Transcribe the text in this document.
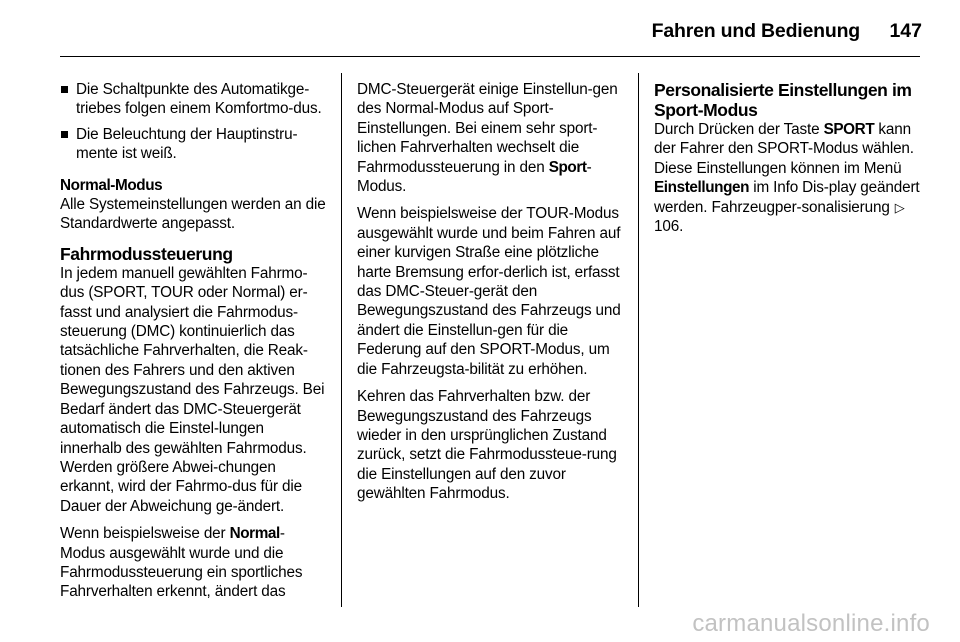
Fahren und Bedienung	147
Die Schaltpunkte des Automatikge-triebes folgen einem Komfortmo-dus.
Die Beleuchtung der Hauptinstru-mente ist weiß.
Normal-Modus

Alle Systemeinstellungen werden an die Standardwerte angepasst.

Fahrmodussteuerung

In jedem manuell gewählten Fahrmo-dus (SPORT, TOUR oder Normal) er-fasst und analysiert die Fahrmodus-steuerung (DMC) kontinuierlich das tatsächliche Fahrverhalten, die Reak-tionen des Fahrers und den aktiven Bewegungszustand des Fahrzeugs. Bei Bedarf ändert das DMC-Steuergerät automatisch die Einstel-lungen innerhalb des gewählten Fahrmodus. Werden größere Abwei-chungen erkannt, wird der Fahrmo-dus für die Dauer der Abweichung ge-ändert.

Wenn beispielsweise der Normal-Modus ausgewählt wurde und die Fahrmodussteuerung ein sportliches Fahrverhalten erkennt, ändert das

DMC-Steuergerät einige Einstellun-gen des Normal-Modus auf Sport-Einstellungen. Bei einem sehr sport-lichen Fahrverhalten wechselt die Fahrmodussteuerung in den Sport-Modus.

Wenn beispielsweise der TOUR-Modus ausgewählt wurde und beim Fahren auf einer kurvigen Straße eine plötzliche harte Bremsung erfor-derlich ist, erfasst das DMC-Steuer-gerät den Bewegungszustand des Fahrzeugs und ändert die Einstellun-gen für die Federung auf den SPORT-Modus, um die Fahrzeugsta-bilität zu erhöhen.

Kehren das Fahrverhalten bzw. der Bewegungszustand des Fahrzeugs wieder in den ursprünglichen Zustand zurück, setzt die Fahrmodussteue-rung die Einstellungen auf den zuvor gewählten Fahrmodus.

Personalisierte Einstellungen im Sport-Modus

Durch Drücken der Taste SPORT kann der Fahrer den SPORT-Modus wählen. Diese Einstellungen können im Menü Einstellungen im Info Dis-play geändert werden. Fahrzeugper-sonalisierung ▷ 106.

carmanualsonline.info
